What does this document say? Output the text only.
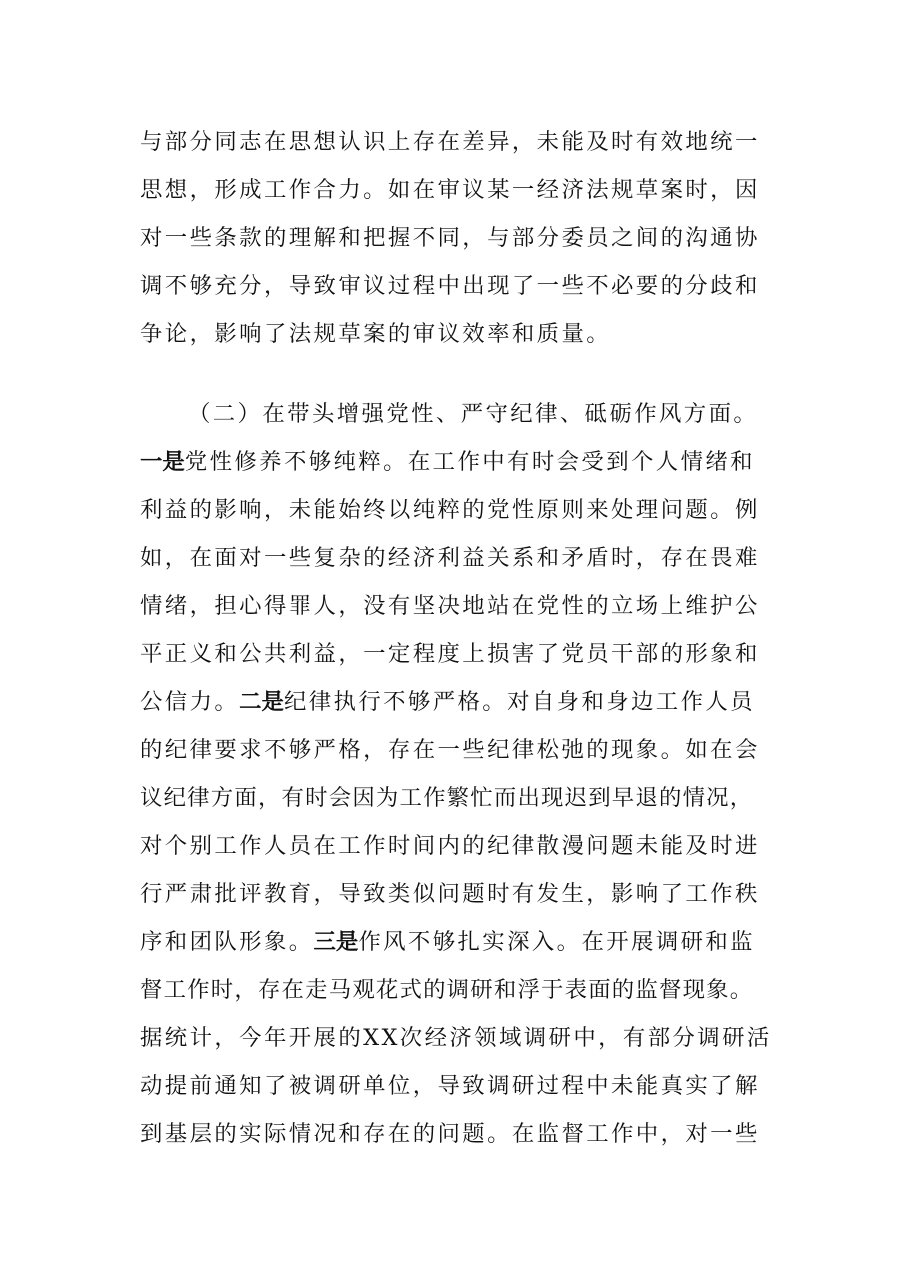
与部分同志在思想认识上存在差异，未能及时有效地统一
思想，形成工作合力。如在审议某一经济法规草案时，因
对一些条款的理解和把握不同，与部分委员之间的沟通协
调不够充分，导致审议过程中出现了一些不必要的分歧和
争论，影响了法规草案的审议效率和质量。
（二）在带头增强党性、严守纪律、砥砺作风方面。
一是党性修养不够纯粹。在工作中有时会受到个人情绪和
利益的影响，未能始终以纯粹的党性原则来处理问题。例
如，在面对一些复杂的经济利益关系和矛盾时，存在畏难
情绪，担心得罪人，没有坚决地站在党性的立场上维护公
平正义和公共利益，一定程度上损害了党员干部的形象和
公信力。二是纪律执行不够严格。对自身和身边工作人员
的纪律要求不够严格，存在一些纪律松弛的现象。如在会
议纪律方面，有时会因为工作繁忙而出现迟到早退的情况，
对个别工作人员在工作时间内的纪律散漫问题未能及时进
行严肃批评教育，导致类似问题时有发生，影响了工作秩
序和团队形象。三是作风不够扎实深入。在开展调研和监
督工作时，存在走马观花式的调研和浮于表面的监督现象。
据统计，今年开展的XX次经济领域调研中，有部分调研活
动提前通知了被调研单位，导致调研过程中未能真实了解
到基层的实际情况和存在的问题。在监督工作中，对一些
